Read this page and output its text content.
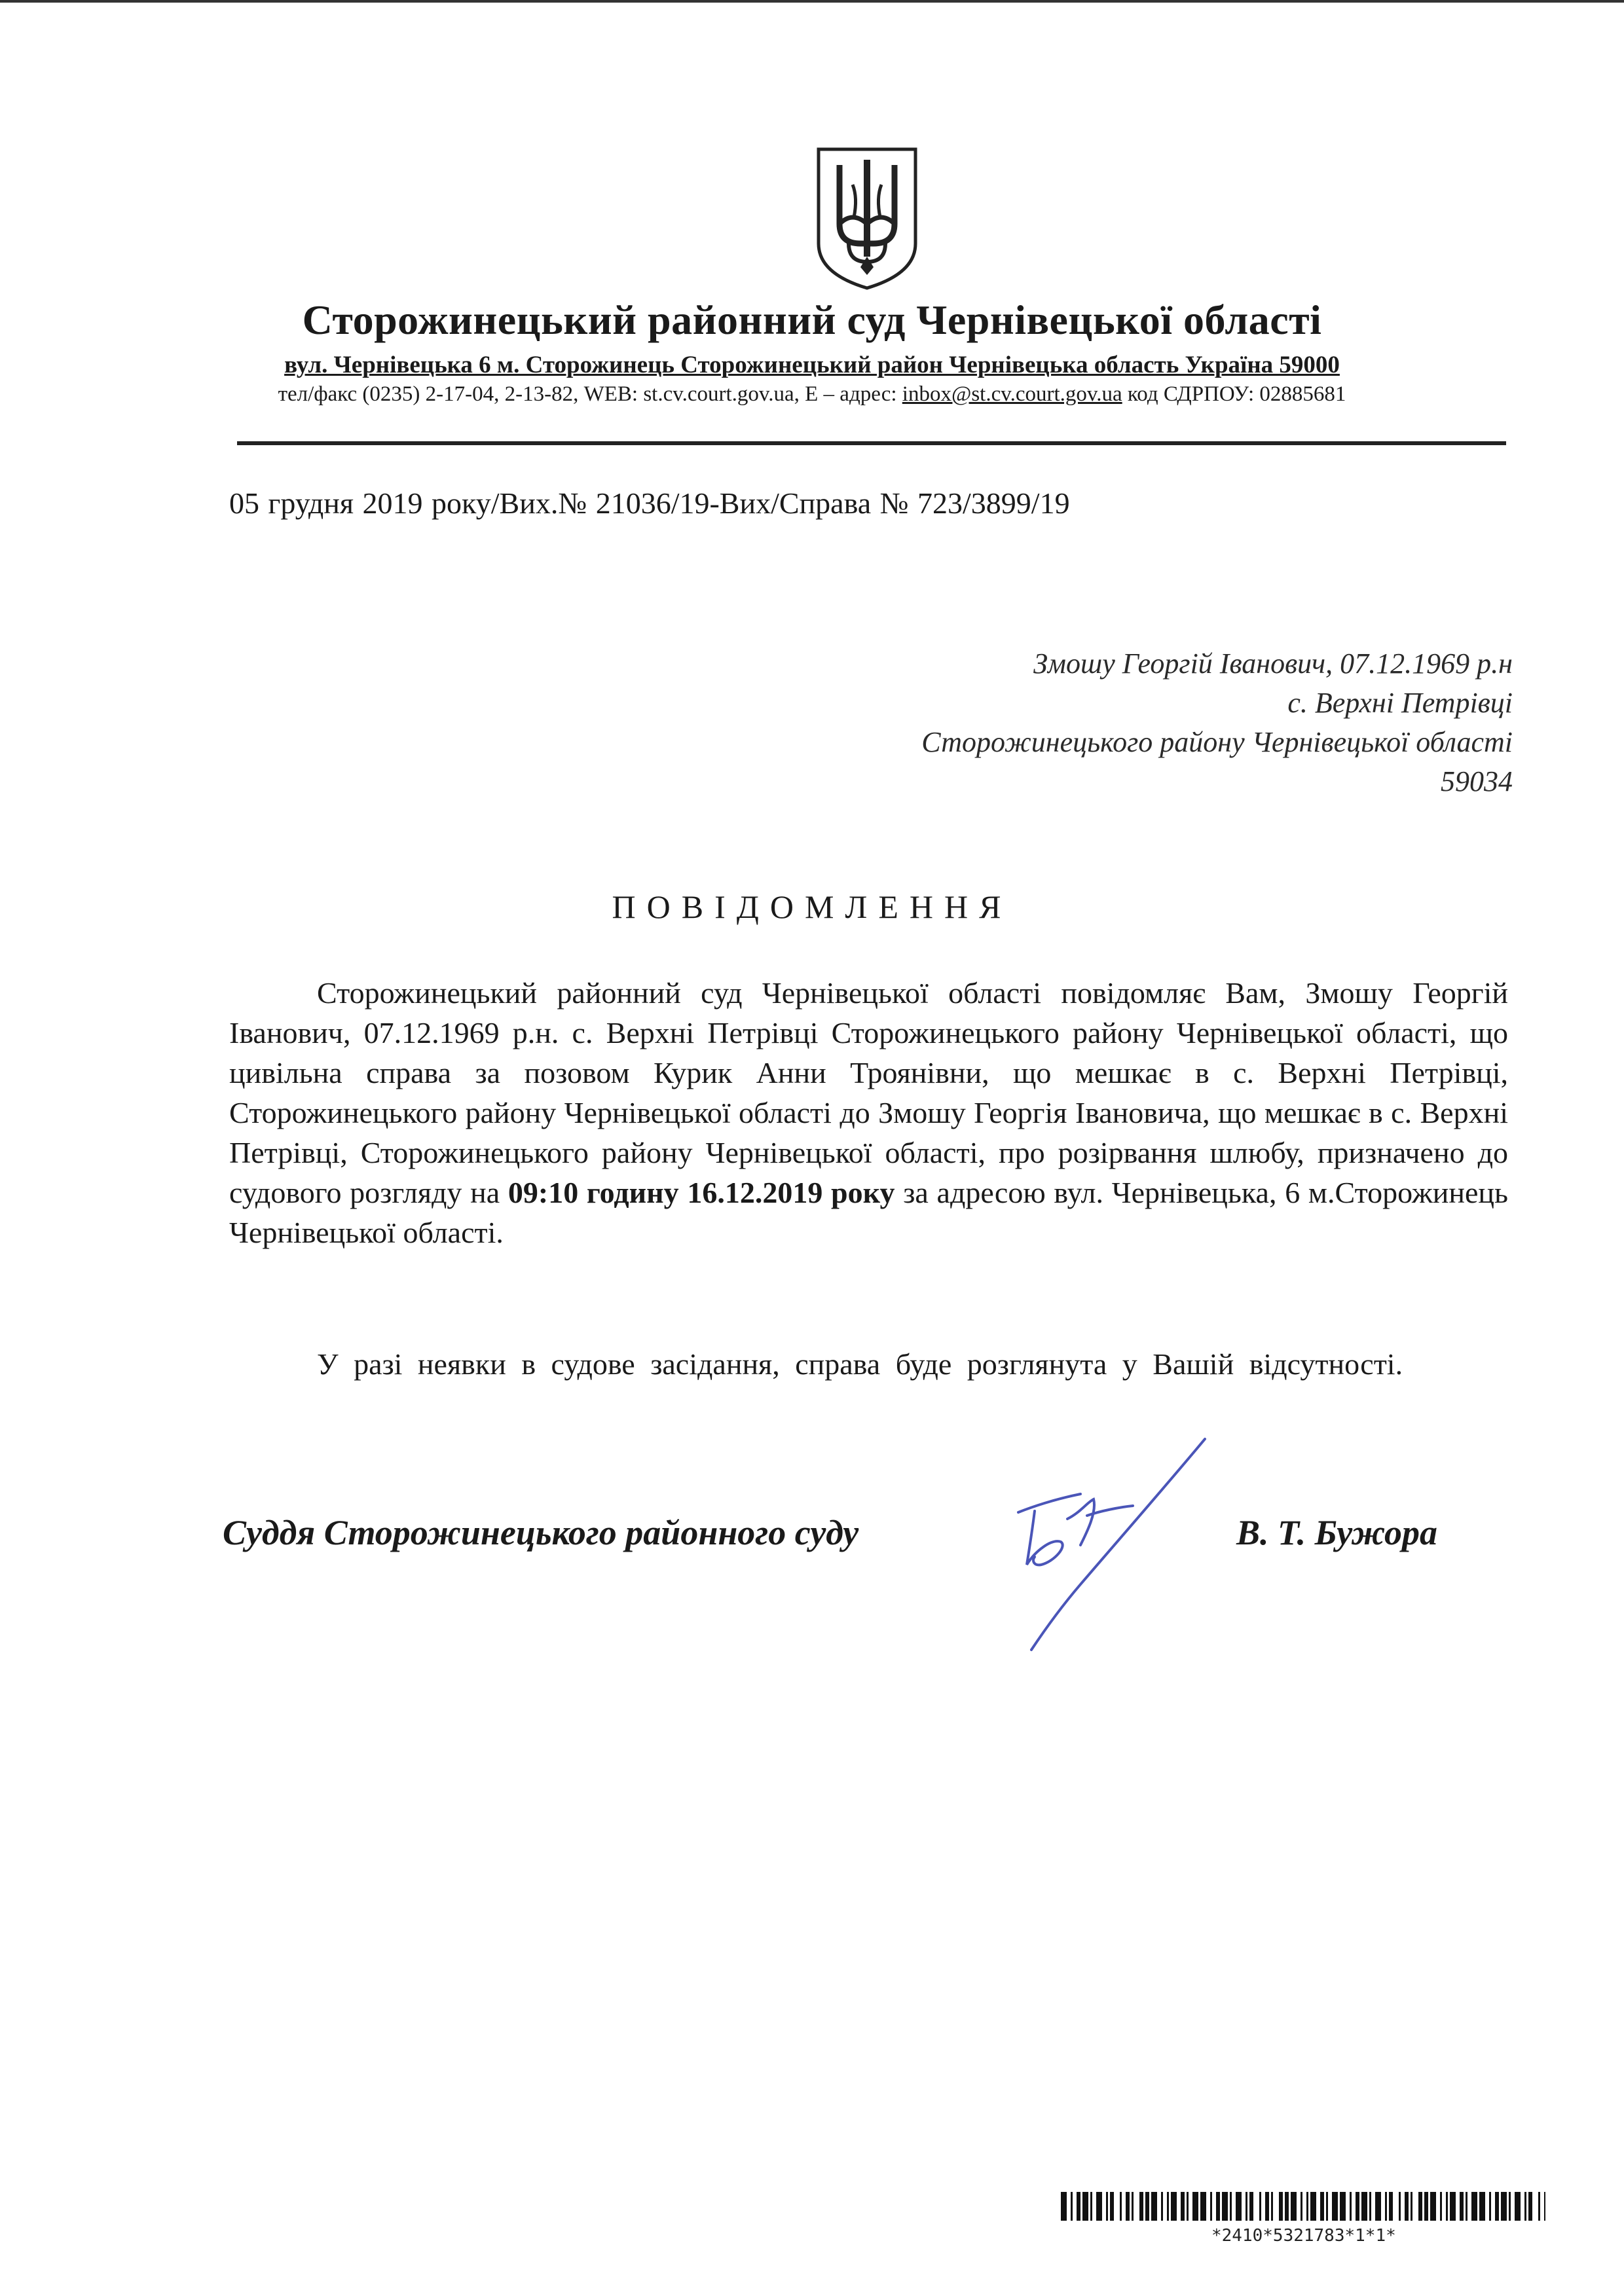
Сторожинецький районний суд Чернівецької області
вул. Чернівецька 6 м. Сторожинець Сторожинецький район Чернівецька область Україна 59000
тел/факс (0235) 2-17-04, 2-13-82, WEB: st.cv.court.gov.ua, E – адрес: inbox@st.cv.court.gov.ua код СДРПОУ: 02885681
05 грудня 2019 року/Вих.№ 21036/19-Вих/Справа № 723/3899/19
Змошу Георгій Іванович, 07.12.1969 р.н
с. Верхні Петрівці
Сторожинецького району Чернівецької області
59034
ПОВІДОМЛЕННЯ
Сторожинецький районний суд Чернівецької області повідомляє Вам, Змошу Георгій Іванович, 07.12.1969 р.н. с. Верхні Петрівці Сторожинецького району Чернівецької області, що цивільна справа за позовом Курик Анни Троянівни, що мешкає в с. Верхні Петрівці, Сторожинецького району Чернівецької області до Змошу Георгія Івановича, що мешкає в с. Верхні Петрівці, Сторожинецького району Чернівецької області, про розірвання шлюбу, призначено до судового розгляду на 09:10 годину 16.12.2019 року за адресою вул. Чернівецька, 6 м.Сторожинець Чернівецької області.
У разі неявки в судове засідання, справа буде розглянута у Вашій відсутності.
Суддя Сторожинецького районного суду	В. Т. Бужора
*2410*5321783*1*1*
